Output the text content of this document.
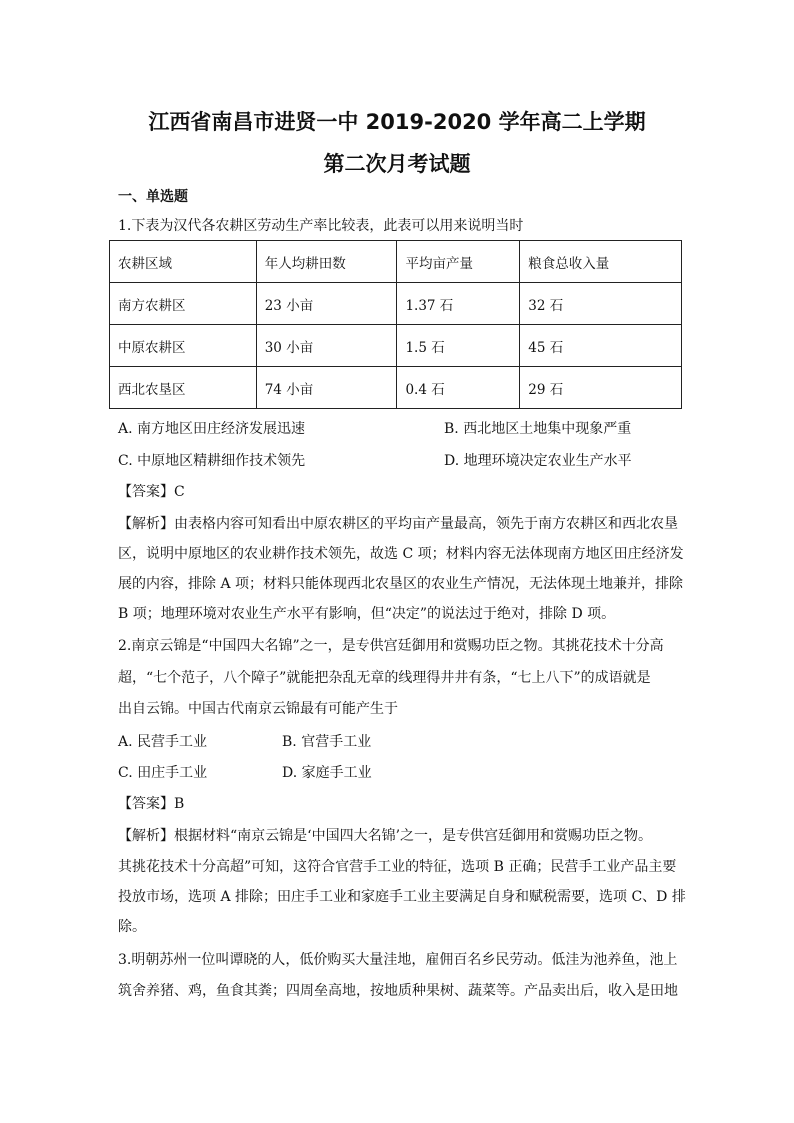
江西省南昌市进贤一中 2019-2020 学年高二上学期
第二次月考试题
一、单选题
1.下表为汉代各农耕区劳动生产率比较表，此表可以用来说明当时
农耕区域	年人均耕田数	平均亩产量	粮食总收入量
南方农耕区	23 小亩	1.37 石	32 石
中原农耕区	30 小亩	1.5 石	45 石
西北农垦区	74 小亩	0.4 石	29 石
A. 南方地区田庄经济发展迅速	B. 西北地区土地集中现象严重
C. 中原地区精耕细作技术领先	D. 地理环境决定农业生产水平
【答案】C
【解析】由表格内容可知看出中原农耕区的平均亩产量最高，领先于南方农耕区和西北农垦
区，说明中原地区的农业耕作技术领先，故选 C 项；材料内容无法体现南方地区田庄经济发
展的内容，排除 A 项；材料只能体现西北农垦区的农业生产情况，无法体现土地兼并，排除
B 项；地理环境对农业生产水平有影响，但“决定”的说法过于绝对，排除 D 项。
2.南京云锦是“中国四大名锦”之一，是专供宫廷御用和赏赐功臣之物。其挑花技术十分高
超，“七个范子，八个障子”就能把杂乱无章的线理得井井有条，“七上八下”的成语就是
出自云锦。中国古代南京云锦最有可能产生于
A. 民营手工业	B. 官营手工业
C. 田庄手工业	D. 家庭手工业
【答案】B
【解析】根据材料“南京云锦是‘中国四大名锦’之一，是专供宫廷御用和赏赐功臣之物。
其挑花技术十分高超”可知，这符合官营手工业的特征，选项 B 正确；民营手工业产品主要
投放市场，选项 A 排除；田庄手工业和家庭手工业主要满足自身和赋税需要，选项 C、D 排
除。
3.明朝苏州一位叫谭晓的人，低价购买大量洼地，雇佣百名乡民劳动。低洼为池养鱼，池上
筑舍养猪、鸡，鱼食其粪；四周垒高地，按地质种果树、蔬菜等。产品卖出后，收入是田地
